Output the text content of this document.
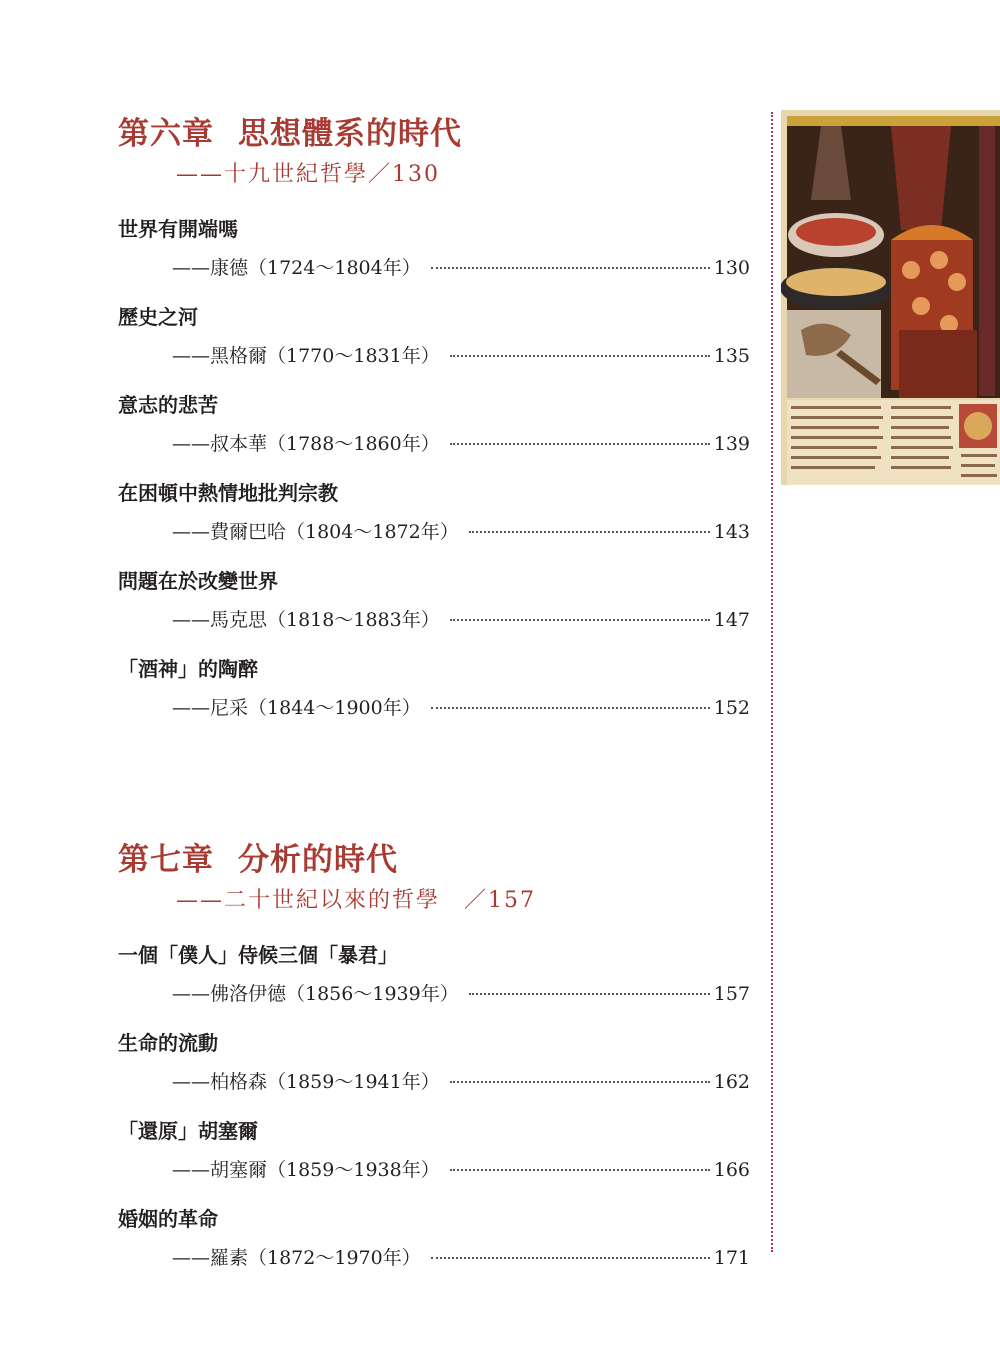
第六章 思想體系的時代
——十九世紀哲學／130
世界有開端嗎
——康德（1724～1804年）	130
歷史之河
——黑格爾（1770～1831年）	135
意志的悲苦
——叔本華（1788～1860年）	139
在困頓中熱情地批判宗教
——費爾巴哈（1804～1872年）	143
問題在於改變世界
——馬克思（1818～1883年）	147
「酒神」的陶醉
——尼采（1844～1900年）	152
第七章 分析的時代
——二十世紀以來的哲學　／157
一個「僕人」侍候三個「暴君」
——佛洛伊德（1856～1939年）	157
生命的流動
——柏格森（1859～1941年）	162
「還原」胡塞爾
——胡塞爾（1859～1938年）	166
婚姻的革命
——羅素（1872～1970年）	171
